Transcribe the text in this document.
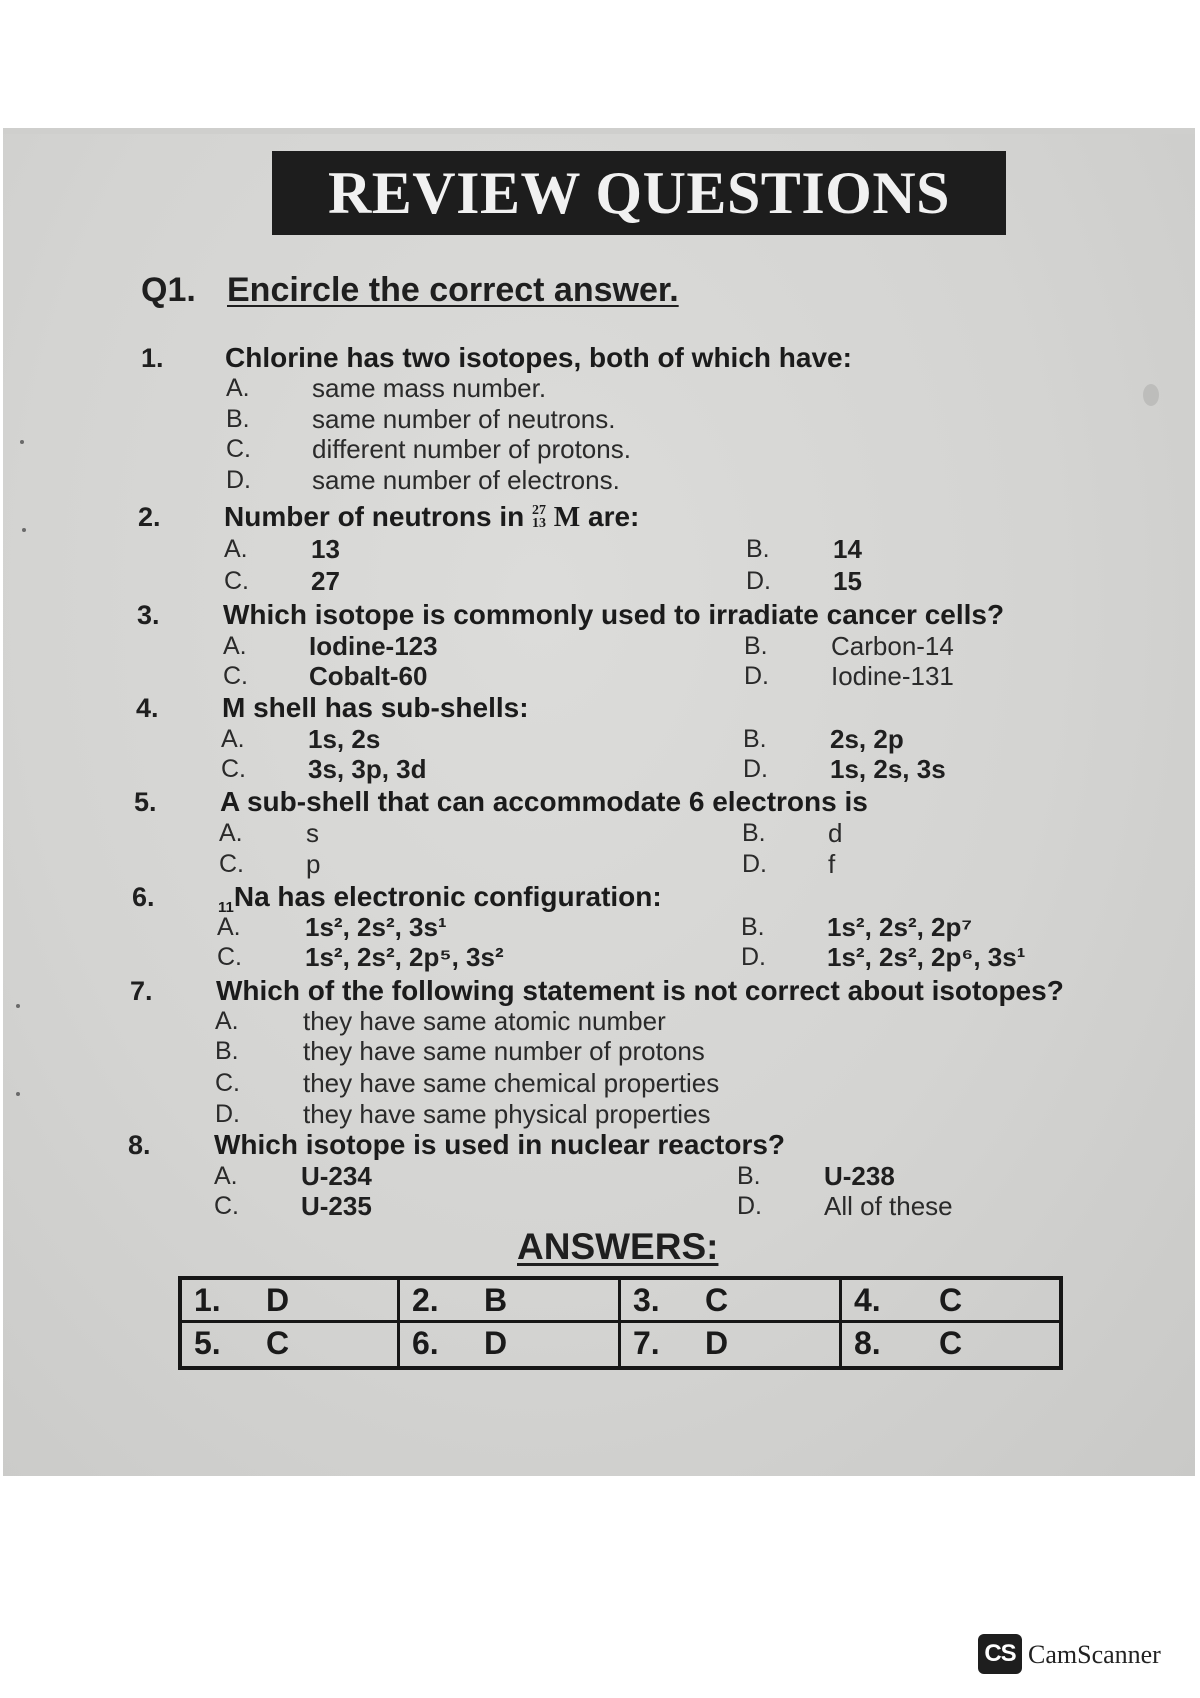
REVIEW QUESTIONS
Q1. Encircle the correct answer.
1. Chlorine has two isotopes, both of which have:
A. same mass number.
B. same number of neutrons.
C. different number of protons.
D. same number of electrons.
2. Number of neutrons in 27
13 M are:
A. 13	B. 14
C. 27	D. 15
3. Which isotope is commonly used to irradiate cancer cells?
A. Iodine-123	B. Carbon-14
C. Cobalt-60	D. Iodine-131
4. M shell has sub-shells:
A. 1s, 2s	B. 2s, 2p
C. 3s, 3p, 3d	D. 1s, 2s, 3s
5. A sub-shell that can accommodate 6 electrons is
A. s	B. d
C. p	D. f
6.	$_{11}$Na has electronic configuration:
A. 1s², 2s², 3s¹	B. 1s², 2s², 2p⁷
C. 1s², 2s², 2p⁵, 3s²	D. 1s², 2s², 2p⁶, 3s¹
7. Which of the following statement is not correct about isotopes?
A. they have same atomic number
B. they have same number of protons
C. they have same chemical properties
D. they have same physical properties
8. Which isotope is used in nuclear reactors?
A. U-234	B. U-238
C. U-235	D. All of these
ANSWERS:
1. D	2. B	3. C	4. C
5. C	6. D	7. D	8. C
CS CamScanner
